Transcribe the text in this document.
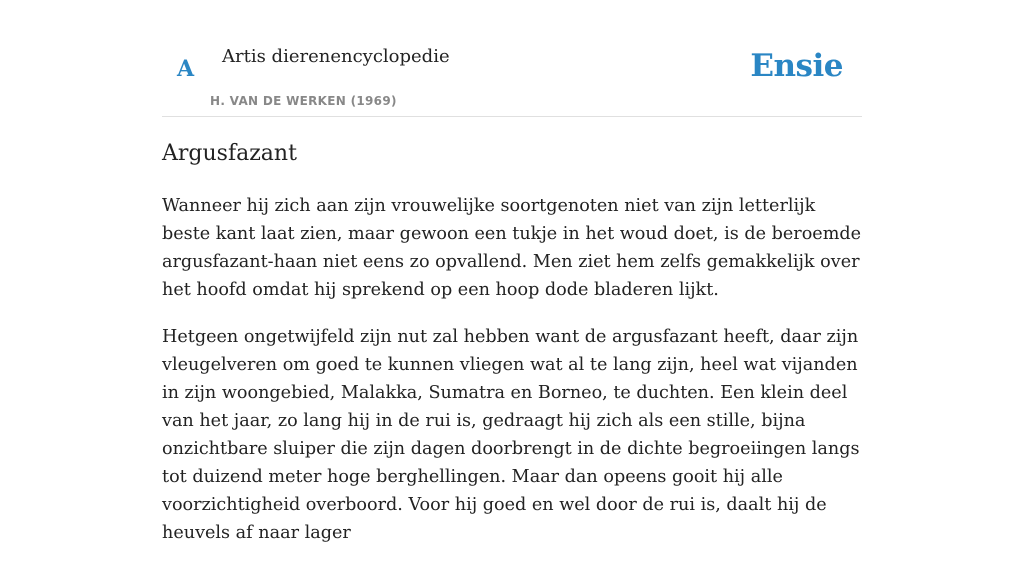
A Artis dierenencyclopedie
H. VAN DE WERKEN (1969)
Ensie
Argusfazant

Wanneer hij zich aan zijn vrouwelijke soortgenoten niet van zijn letterlijk beste kant laat zien, maar gewoon een tukje in het woud doet, is de beroemde argusfazant-haan niet eens zo opvallend. Men ziet hem zelfs gemakkelijk over het hoofd omdat hij sprekend op een hoop dode bladeren lijkt.

Hetgeen ongetwijfeld zijn nut zal hebben want de argusfazant heeft, daar zijn vleugelveren om goed te kunnen vliegen wat al te lang zijn, heel wat vijanden in zijn woongebied, Malakka, Sumatra en Borneo, te duchten. Een klein deel van het jaar, zo lang hij in de rui is, gedraagt hij zich als een stille, bijna onzichtbare sluiper die zijn dagen doorbrengt in de dichte begroeiingen langs tot duizend meter hoge berghellingen. Maar dan opeens gooit hij alle voorzichtigheid overboord. Voor hij goed en wel door de rui is, daalt hij de heuvels af naar lager
